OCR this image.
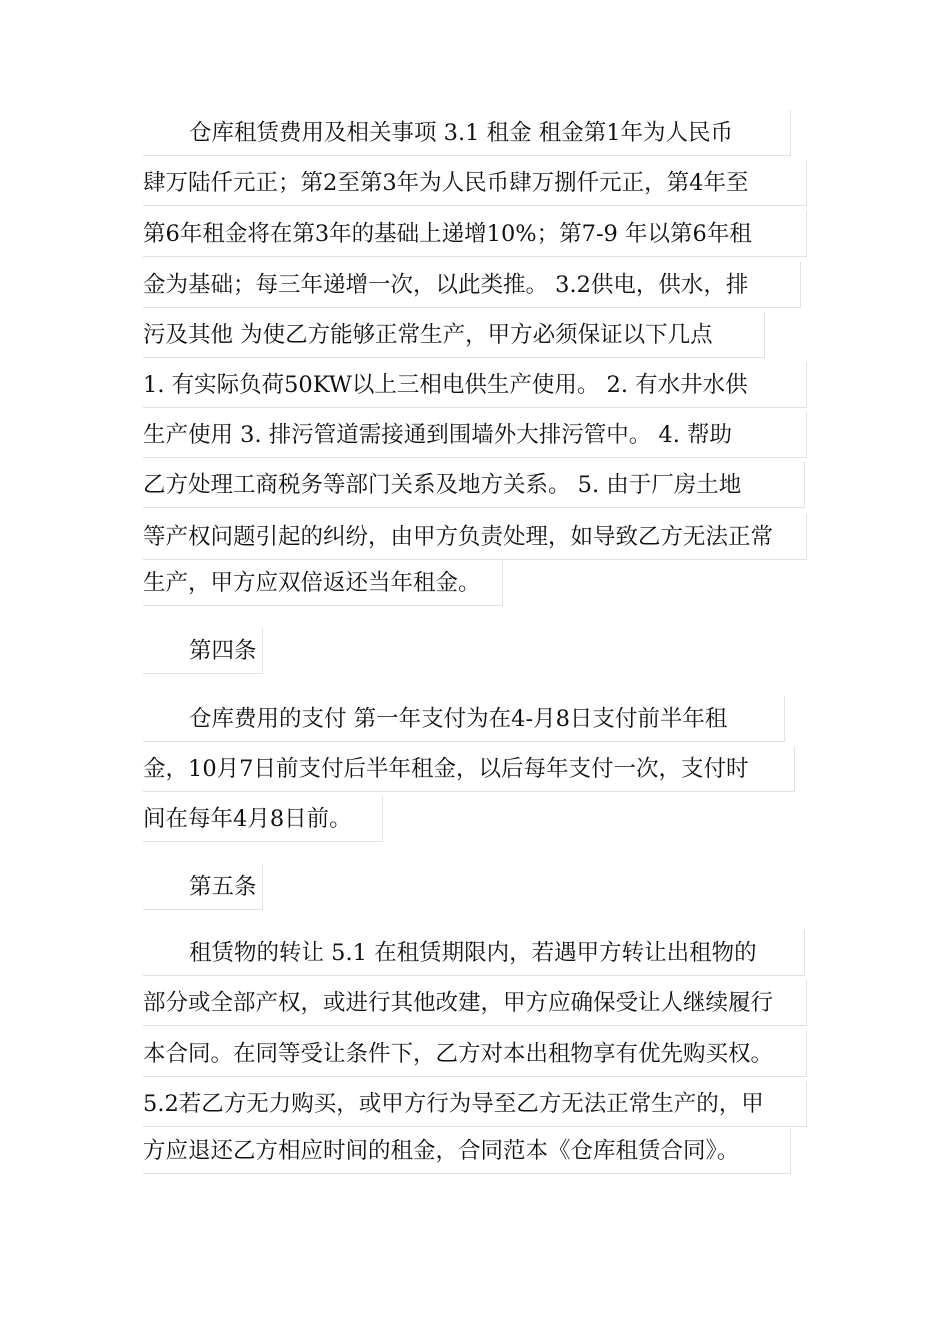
仓库租赁费用及相关事项 3.1 租金 租金第1年为人民币
肆万陆仟元正；第2至第3年为人民币肆万捌仟元正，第4年至
第6年租金将在第3年的基础上递增10%；第7-9 年以第6年租
金为基础；每三年递增一次，以此类推。 3.2供电，供水，排
污及其他 为使乙方能够正常生产，甲方必须保证以下几点
1. 有实际负荷50KW以上三相电供生产使用。 2. 有水井水供
生产使用 3. 排污管道需接通到围墙外大排污管中。 4. 帮助
乙方处理工商税务等部门关系及地方关系。 5. 由于厂房土地
等产权问题引起的纠纷，由甲方负责处理，如导致乙方无法正常
生产，甲方应双倍返还当年租金。
第四条
仓库费用的支付 第一年支付为在4-月8日支付前半年租
金，10月7日前支付后半年租金，以后每年支付一次，支付时
间在每年4月8日前。
第五条
租赁物的转让 5.1 在租赁期限内，若遇甲方转让出租物的
部分或全部产权，或进行其他改建，甲方应确保受让人继续履行
本合同。在同等受让条件下，乙方对本出租物享有优先购买权。
5.2若乙方无力购买，或甲方行为导至乙方无法正常生产的，甲
方应退还乙方相应时间的租金，合同范本《仓库租赁合同》。
